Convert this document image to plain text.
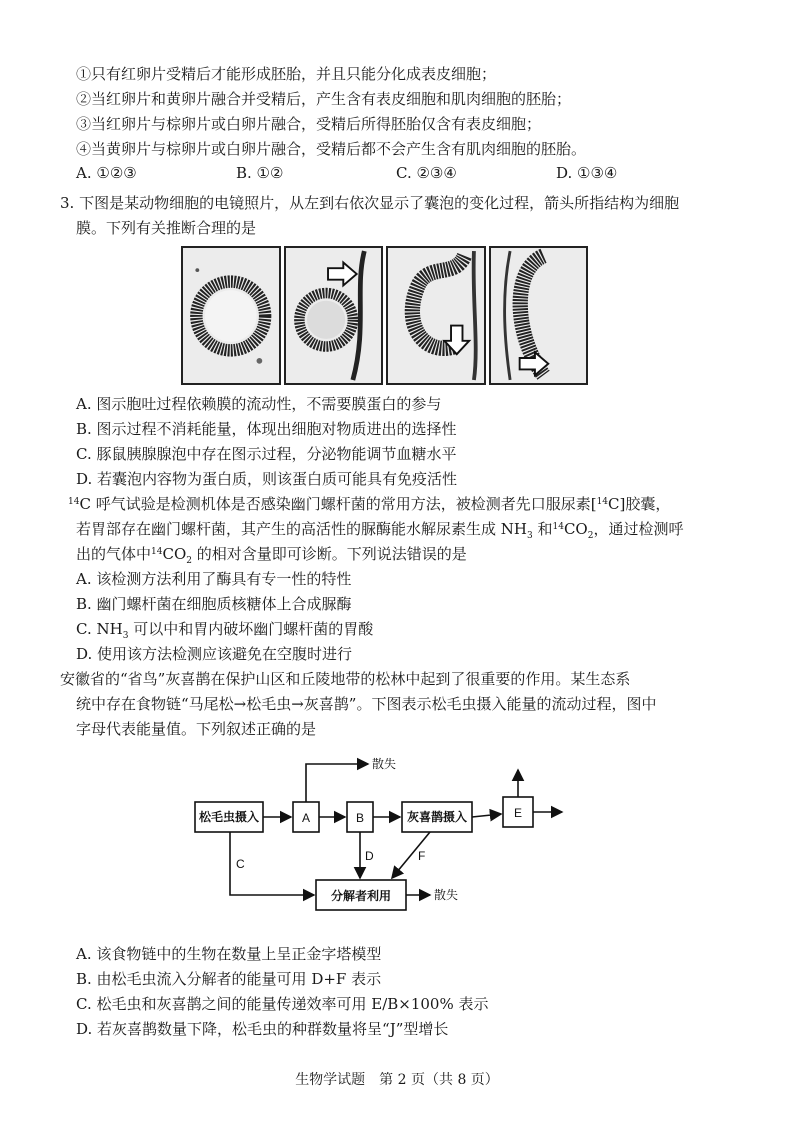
①只有红卵片受精后才能形成胚胎，并且只能分化成表皮细胞；
②当红卵片和黄卵片融合并受精后，产生含有表皮细胞和肌肉细胞的胚胎；
③当红卵片与棕卵片或白卵片融合，受精后所得胚胎仅含有表皮细胞；
④当黄卵片与棕卵片或白卵片融合，受精后都不会产生含有肌肉细胞的胚胎。
A. ①②③	B. ①②	C. ②③④	D. ①③④
3. 下图是某动物细胞的电镜照片，从左到右依次显示了囊泡的变化过程，箭头所指结构为细胞
膜。下列有关推断合理的是
A. 图示胞吐过程依赖膜的流动性，不需要膜蛋白的参与
B. 图示过程不消耗能量，体现出细胞对物质进出的选择性
C. 豚鼠胰腺腺泡中存在图示过程，分泌物能调节血糖水平
D. 若囊泡内容物为蛋白质，则该蛋白质可能具有免疫活性
$^{14}$C 呼气试验是检测机体是否感染幽门螺杆菌的常用方法，被检测者先口服尿素[$^{14}$C]胶囊，
若胃部存在幽门螺杆菌，其产生的高活性的脲酶能水解尿素生成 $NH_3$ 和$^{14}CO_2$，通过检测呼
出的气体中$^{14}CO_2$ 的相对含量即可诊断。下列说法错误的是
A. 该检测方法利用了酶具有专一性的特性
B. 幽门螺杆菌在细胞质核糖体上合成脲酶
C. $NH_3$ 可以中和胃内破坏幽门螺杆菌的胃酸
D. 使用该方法检测应该避免在空腹时进行
安徽省的“省鸟”灰喜鹊在保护山区和丘陵地带的松林中起到了很重要的作用。某生态系
统中存在食物链“马尾松→松毛虫→灰喜鹊”。下图表示松毛虫摄入能量的流动过程，图中
字母代表能量值。下列叙述正确的是
松毛虫摄入	A	B	灰喜鹊摄入	E
分解者利用
C
D	F
散失
散失
A. 该食物链中的生物在数量上呈正金字塔模型
B. 由松毛虫流入分解者的能量可用 D+F 表示
C. 松毛虫和灰喜鹊之间的能量传递效率可用 E/B×100% 表示
D. 若灰喜鹊数量下降，松毛虫的种群数量将呈“J”型增长
生物学试题　第 2 页（共 8 页）
